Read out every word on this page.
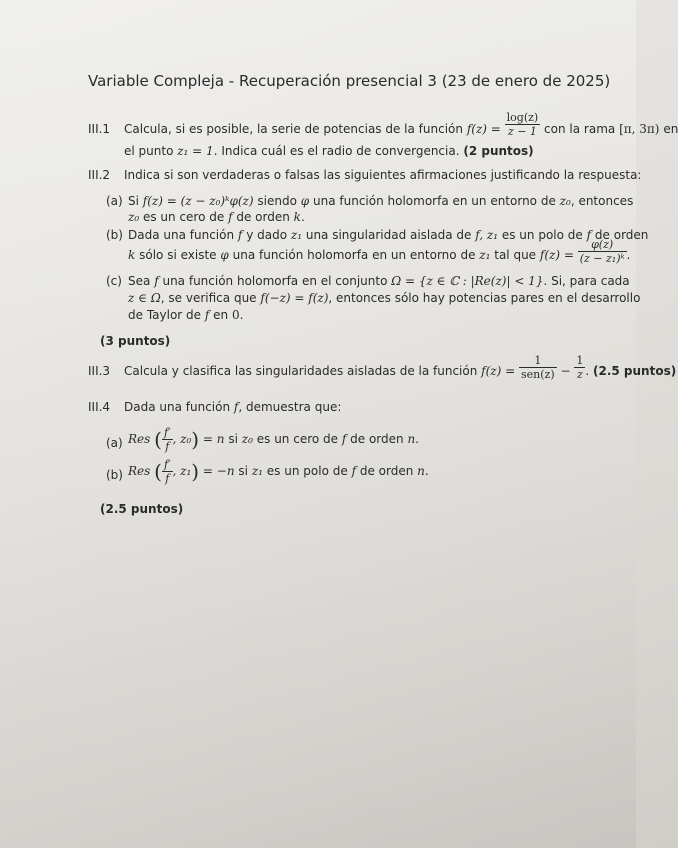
Variable Compleja - Recuperación presencial 3 (23 de enero de 2025)
III.1 Calcula, si es posible, la serie de potencias de la función $f(z) = \frac{\log(z)}{z - 1}$ con la rama [π, 3π) en
el punto z₁ = 1. Indica cuál es el radio de convergencia. (2 puntos)
III.2 Indica si son verdaderas o falsas las siguientes afirmaciones justificando la respuesta:
(a) Si f(z) = (z − z₀)ᵏφ(z) siendo φ una función holomorfa en un entorno de z₀, entonces
z₀ es un cero de f de orden k.
(b) Dada una función f y dado z₁ una singularidad aislada de f, z₁ es un polo de f de orden
k sólo si existe φ una función holomorfa en un entorno de z₁ tal que $f(z) = \frac{\varphi(z)}{\text{(z − z₁)ᵏ}}$ .
(c) Sea f una función holomorfa en el conjunto Ω = {z ∈ ℂ : |Re(z)| < 1}. Si, para cada
z ∈ Ω, se verifica que f(−z) = f(z), entonces sólo hay potencias pares en el desarrollo
de Taylor de f en 0.
(3 puntos)
III.3 Calcula y clasifica las singularidades aisladas de la función $f(z) = \frac{1}{\text{sen(z)}} - \frac{1}{z}$ . (2.5 puntos)
III.4 Dada una función f, demuestra que:
(a) Res ( $\frac{f'}{f}$ , z₀) = n si z₀ es un cero de f de orden n.
(b) Res ( $\frac{f'}{f}$ , z₁) = −n si z₁ es un polo de f de orden n.
(2.5 puntos)
